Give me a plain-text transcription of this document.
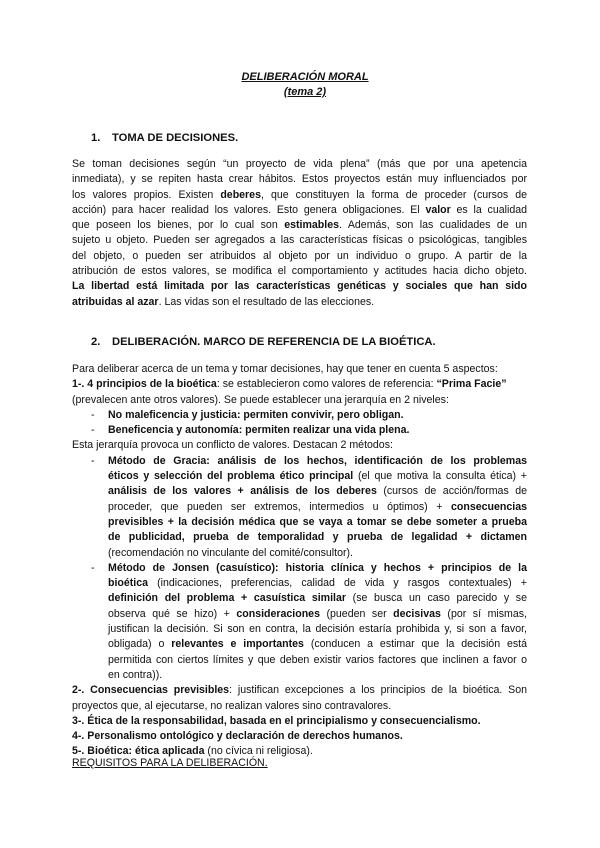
DELIBERACIÓN MORAL

(tema 2)

1. TOMA DE DECISIONES.

Se toman decisiones según “un proyecto de vida plena” (más que por una apetencia
inmediata), y se repiten hasta crear hábitos. Estos proyectos están muy influenciados por
los valores propios. Existen deberes, que constituyen la forma de proceder (cursos de
acción) para hacer realidad los valores. Esto genera obligaciones. El valor es la cualidad
que poseen los bienes, por lo cual son estimables. Además, son las cualidades de un
sujeto u objeto. Pueden ser agregados a las características físicas o psicológicas, tangibles
del objeto, o pueden ser atribuidos al objeto por un individuo o grupo. A partir de la
atribución de estos valores, se modifica el comportamiento y actitudes hacia dicho objeto.
La libertad está limitada por las características genéticas y sociales que han sido
atribuidas al azar. Las vidas son el resultado de las elecciones.

2. DELIBERACIÓN. MARCO DE REFERENCIA DE LA BIOÉTICA.

Para deliberar acerca de un tema y tomar decisiones, hay que tener en cuenta 5 aspectos:
1-. 4 principios de la bioética: se establecieron como valores de referencia: “Prima Facie”
(prevalecen ante otros valores). Se puede establecer una jerarquía en 2 niveles:
- No maleficencia y justicia: permiten convivir, pero obligan.
- Beneficencia y autonomía: permiten realizar una vida plena.
Esta jerarquía provoca un conflicto de valores. Destacan 2 métodos:
- Método de Gracia: análisis de los hechos, identificación de los problemas
éticos y selección del problema ético principal (el que motiva la consulta ética) +
análisis de los valores + análisis de los deberes (cursos de acción/formas de
proceder, que pueden ser extremos, intermedios u óptimos) + consecuencias
previsibles + la decisión médica que se vaya a tomar se debe someter a prueba
de publicidad, prueba de temporalidad y prueba de legalidad + dictamen
(recomendación no vinculante del comité/consultor).
- Método de Jonsen (casuístico): historia clínica y hechos + principios de la
bioética (indicaciones, preferencias, calidad de vida y rasgos contextuales) +
definición del problema + casuística similar (se busca un caso parecido y se
observa qué se hizo) + consideraciones (pueden ser decisivas (por sí mismas,
justifican la decisión. Si son en contra, la decisión estaría prohibida y, si son a favor,
obligada) o relevantes e importantes (conducen a estimar que la decisión está
permitida con ciertos límites y que deben existir varios factores que inclinen a favor o
en contra)).
2-. Consecuencias previsibles: justifican excepciones a los principios de la bioética. Son
proyectos que, al ejecutarse, no realizan valores sino contravalores.
3-. Ética de la responsabilidad, basada en el principialismo y consecuencialismo.
4-. Personalismo ontológico y declaración de derechos humanos.
5-. Bioética: ética aplicada (no cívica ni religiosa).

REQUISITOS PARA LA DELIBERACIÓN.
